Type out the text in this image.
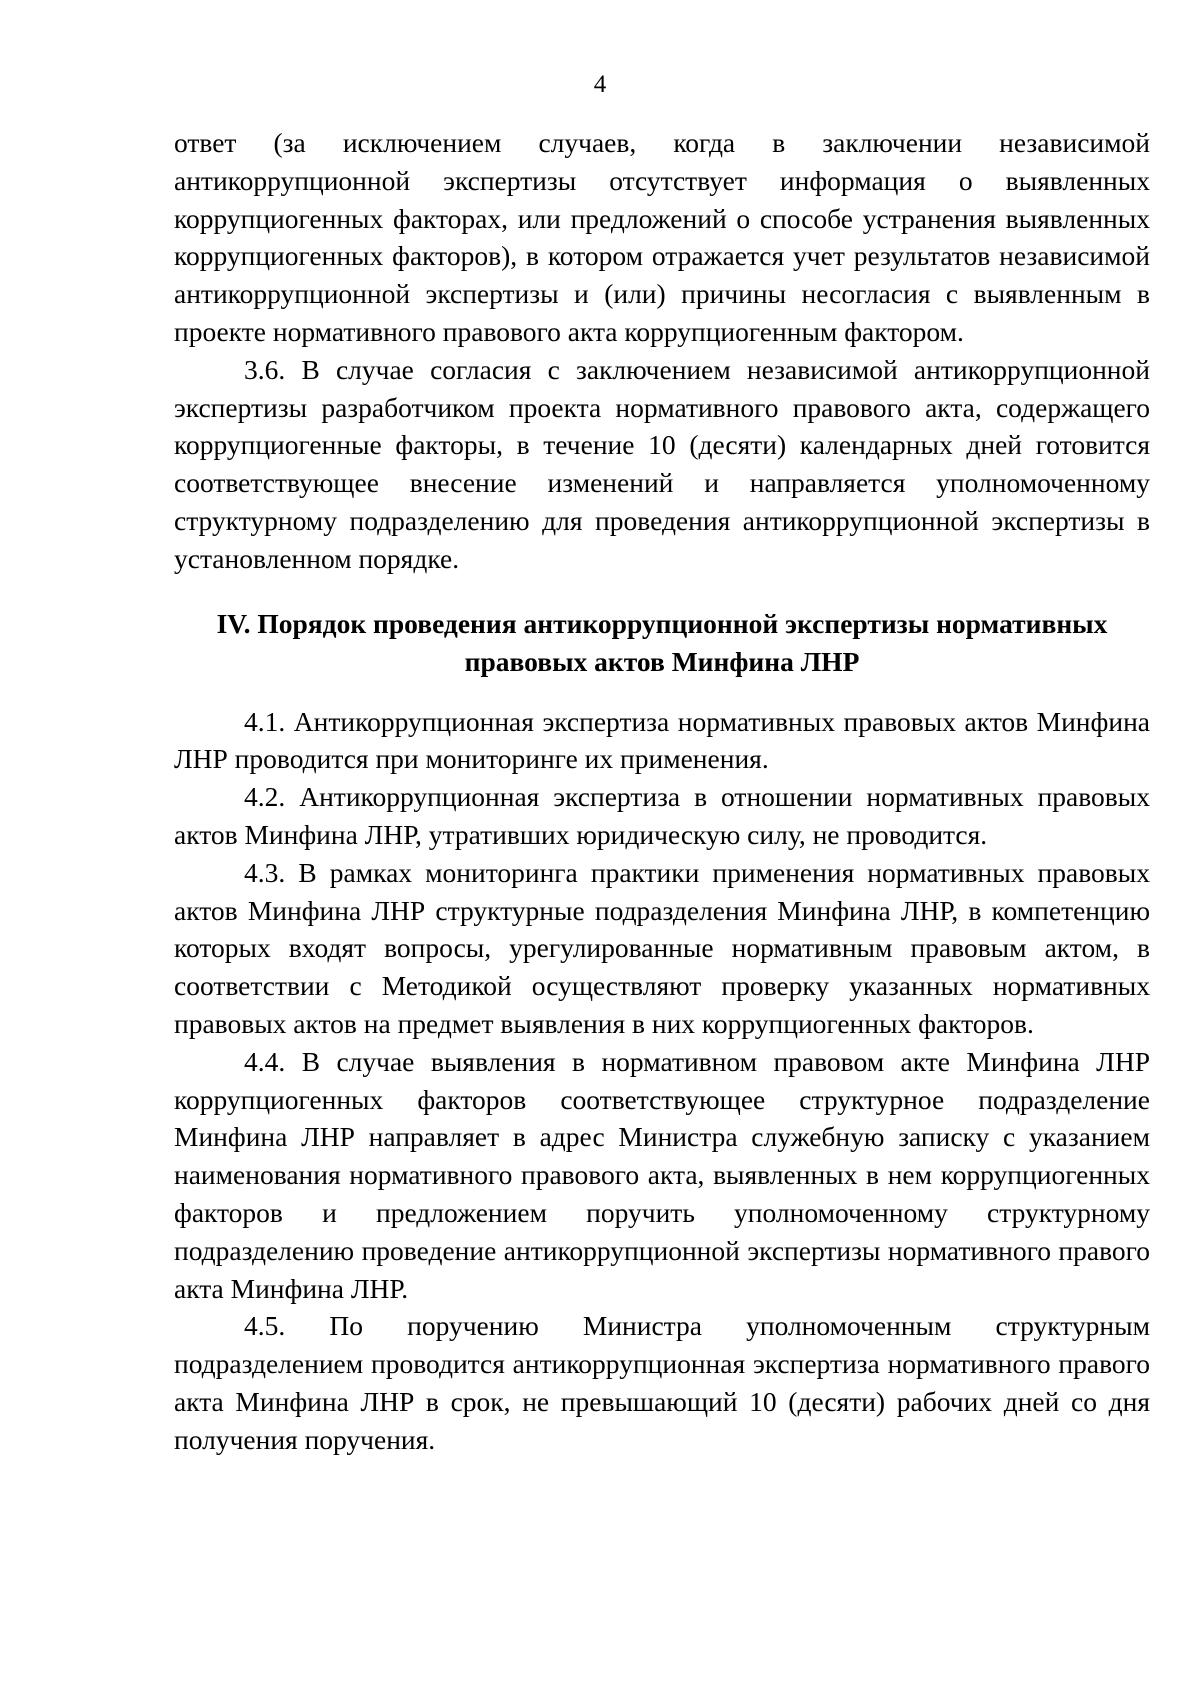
4

ответ (за исключением случаев, когда в заключении независимой антикоррупционной экспертизы отсутствует информация о выявленных коррупциогенных факторах, или предложений о способе устранения выявленных коррупциогенных факторов), в котором отражается учет результатов независимой антикоррупционной экспертизы и (или) причины несогласия с выявленным в проекте нормативного правового акта коррупциогенным фактором.

3.6. В случае согласия с заключением независимой антикоррупционной экспертизы разработчиком проекта нормативного правового акта, содержащего коррупциогенные факторы, в течение 10 (десяти) календарных дней готовится соответствующее внесение изменений и направляется уполномоченному структурному подразделению для проведения антикоррупционной экспертизы в установленном порядке.

IV. Порядок проведения антикоррупционной экспертизы нормативных
правовых актов Минфина ЛНР

4.1. Антикоррупционная экспертиза нормативных правовых актов Минфина ЛНР проводится при мониторинге их применения.

4.2. Антикоррупционная экспертиза в отношении нормативных правовых актов Минфина ЛНР, утративших юридическую силу, не проводится.

4.3. В рамках мониторинга практики применения нормативных правовых актов Минфина ЛНР структурные подразделения Минфина ЛНР, в компетенцию которых входят вопросы, урегулированные нормативным правовым актом, в соответствии с Методикой осуществляют проверку указанных нормативных правовых актов на предмет выявления в них коррупциогенных факторов.

4.4. В случае выявления в нормативном правовом акте Минфина ЛНР коррупциогенных факторов соответствующее структурное подразделение Минфина ЛНР направляет в адрес Министра служебную записку с указанием наименования нормативного правового акта, выявленных в нем коррупциогенных факторов и предложением поручить уполномоченному структурному подразделению проведение антикоррупционной экспертизы нормативного правого акта Минфина ЛНР.

4.5. По поручению Министра уполномоченным структурным подразделением проводится антикоррупционная экспертиза нормативного правого акта Минфина ЛНР в срок, не превышающий 10 (десяти) рабочих дней со дня получения поручения.
